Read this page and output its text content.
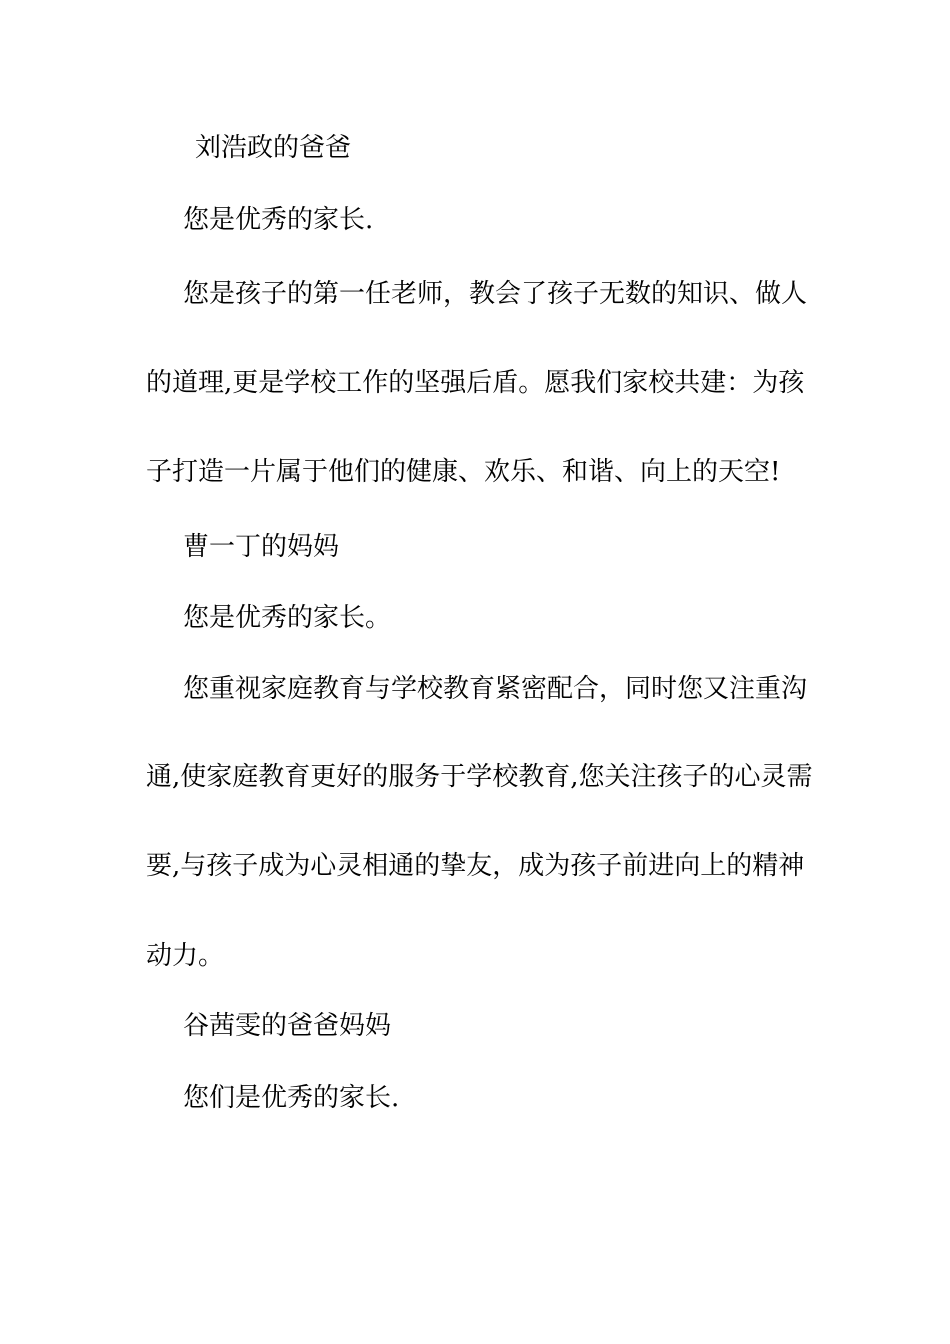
刘浩政的爸爸
您是优秀的家长.
您是孩子的第一任老师，教会了孩子无数的知识、做人
的道理,更是学校工作的坚强后盾。愿我们家校共建：为孩
子打造一片属于他们的健康、欢乐、和谐、向上的天空!
曹一丁的妈妈
您是优秀的家长。
您重视家庭教育与学校教育紧密配合，同时您又注重沟
通,使家庭教育更好的服务于学校教育,您关注孩子的心灵需
要,与孩子成为心灵相通的挚友，成为孩子前进向上的精神
动力。
谷茜雯的爸爸妈妈
您们是优秀的家长.
